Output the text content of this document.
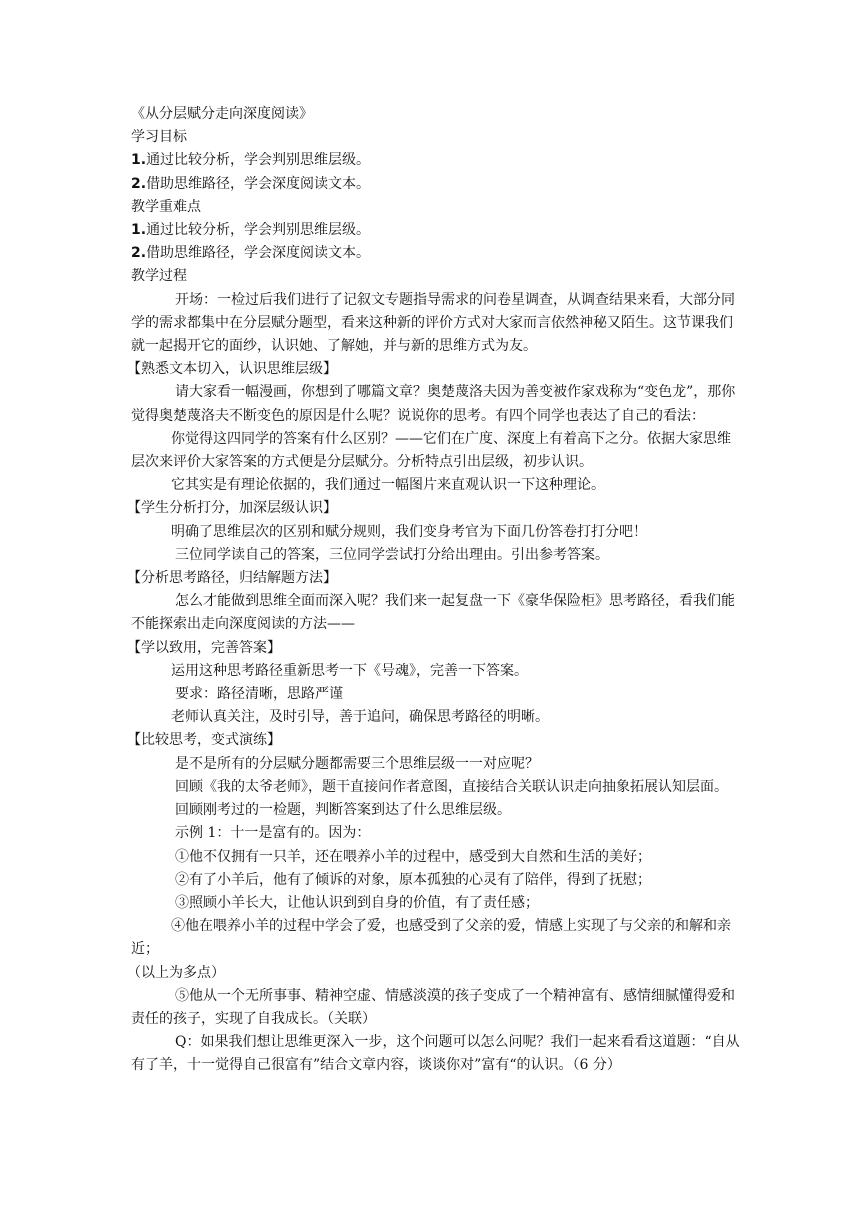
《从分层赋分走向深度阅读》

学习目标

1.通过比较分析，学会判别思维层级。

2.借助思维路径，学会深度阅读文本。

教学重难点

1.通过比较分析，学会判别思维层级。

2.借助思维路径，学会深度阅读文本。

教学过程

开场：一检过后我们进行了记叙文专题指导需求的问卷星调查，从调查结果来看，大部分同学的需求都集中在分层赋分题型，看来这种新的评价方式对大家而言依然神秘又陌生。这节课我们就一起揭开它的面纱，认识她、了解她，并与新的思维方式为友。

【熟悉文本切入，认识思维层级】

请大家看一幅漫画，你想到了哪篇文章？奥楚蔑洛夫因为善变被作家戏称为“变色龙”，那你觉得奥楚蔑洛夫不断变色的原因是什么呢？说说你的思考。有四个同学也表达了自己的看法：

你觉得这四同学的答案有什么区别？——它们在广度、深度上有着高下之分。依据大家思维层次来评价大家答案的方式便是分层赋分。分析特点引出层级，初步认识。

它其实是有理论依据的，我们通过一幅图片来直观认识一下这种理论。

【学生分析打分，加深层级认识】

明确了思维层次的区别和赋分规则，我们变身考官为下面几份答卷打打分吧！

三位同学读自己的答案，三位同学尝试打分给出理由。引出参考答案。

【分析思考路径，归结解题方法】

怎么才能做到思维全面而深入呢？我们来一起复盘一下《豪华保险柜》思考路径，看我们能不能探索出走向深度阅读的方法——

【学以致用，完善答案】

运用这种思考路径重新思考一下《号魂》，完善一下答案。

要求：路径清晰，思路严谨

老师认真关注，及时引导，善于追问，确保思考路径的明晰。

【比较思考，变式演练】

是不是所有的分层赋分题都需要三个思维层级一一对应呢？

回顾《我的太爷老师》，题干直接问作者意图，直接结合关联认识走向抽象拓展认知层面。

回顾刚考过的一检题，判断答案到达了什么思维层级。

示例 1：十一是富有的。因为：

①他不仅拥有一只羊，还在喂养小羊的过程中，感受到大自然和生活的美好；

②有了小羊后，他有了倾诉的对象，原本孤独的心灵有了陪伴，得到了抚慰；

③照顾小羊长大，让他认识到到自身的价值，有了责任感；

④他在喂养小羊的过程中学会了爱，也感受到了父亲的爱，情感上实现了与父亲的和解和亲近；

（以上为多点）

⑤他从一个无所事事、精神空虚、情感淡漠的孩子变成了一个精神富有、感情细腻懂得爱和责任的孩子，实现了自我成长。（关联）

Q：如果我们想让思维更深入一步，这个问题可以怎么问呢？我们一起来看看这道题：“自从有了羊，十一觉得自己很富有”结合文章内容，谈谈你对”富有“的认识。（6 分）
